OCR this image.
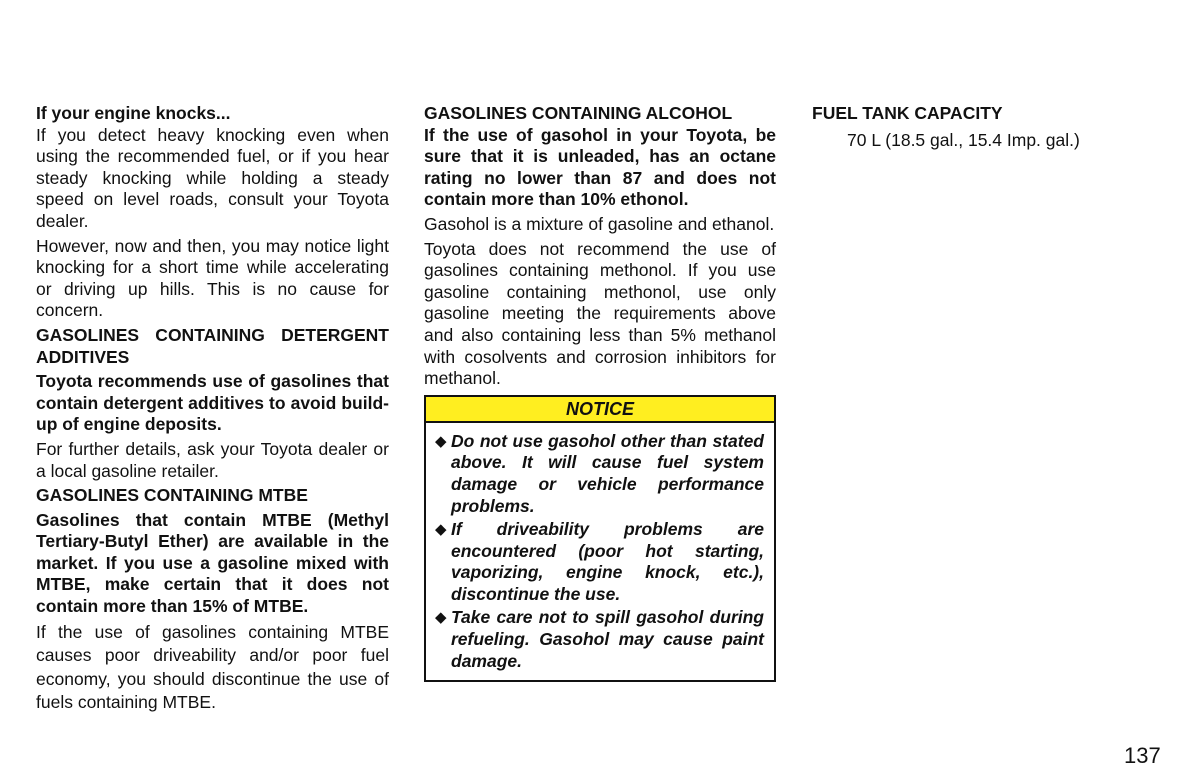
If your engine knocks...

If you detect heavy knocking even when using the recommended fuel, or if you hear steady knocking while holding a steady speed on level roads, consult your Toyota dealer.

However, now and then, you may notice light knocking for a short time while accelerating or driving up hills. This is no cause for concern.

GASOLINES CONTAINING DETERGENT ADDITIVES

Toyota recommends use of gasolines that contain detergent additives to avoid build-up of engine deposits.

For further details, ask your Toyota dealer or a local gasoline retailer.

GASOLINES CONTAINING MTBE

Gasolines that contain MTBE (Methyl Tertiary-Butyl Ether) are available in the market. If you use a gasoline mixed with MTBE, make certain that it does not contain more than 15% of MTBE.

If the use of gasolines containing MTBE causes poor driveability and/or poor fuel economy, you should discontinue the use of fuels containing MTBE.

GASOLINES CONTAINING ALCOHOL

If the use of gasohol in your Toyota, be sure that it is unleaded, has an octane rating no lower than 87 and does not contain more than 10% ethonol.

Gasohol is a mixture of gasoline and ethanol.

Toyota does not recommend the use of gasolines containing methonol. If you use gasoline containing methonol, use only gasoline meeting the requirements above and also containing less than 5% methanol with cosolvents and corrosion inhibitors for methanol.

NOTICE
◆ Do not use gasohol other than stated above. It will cause fuel system damage or vehicle performance problems.
◆ If driveability problems are encountered (poor hot starting, vaporizing, engine knock, etc.), discontinue the use.
◆ Take care not to spill gasohol during refueling. Gasohol may cause paint damage.

FUEL TANK CAPACITY

70 L (18.5 gal., 15.4 Imp. gal.)

137
